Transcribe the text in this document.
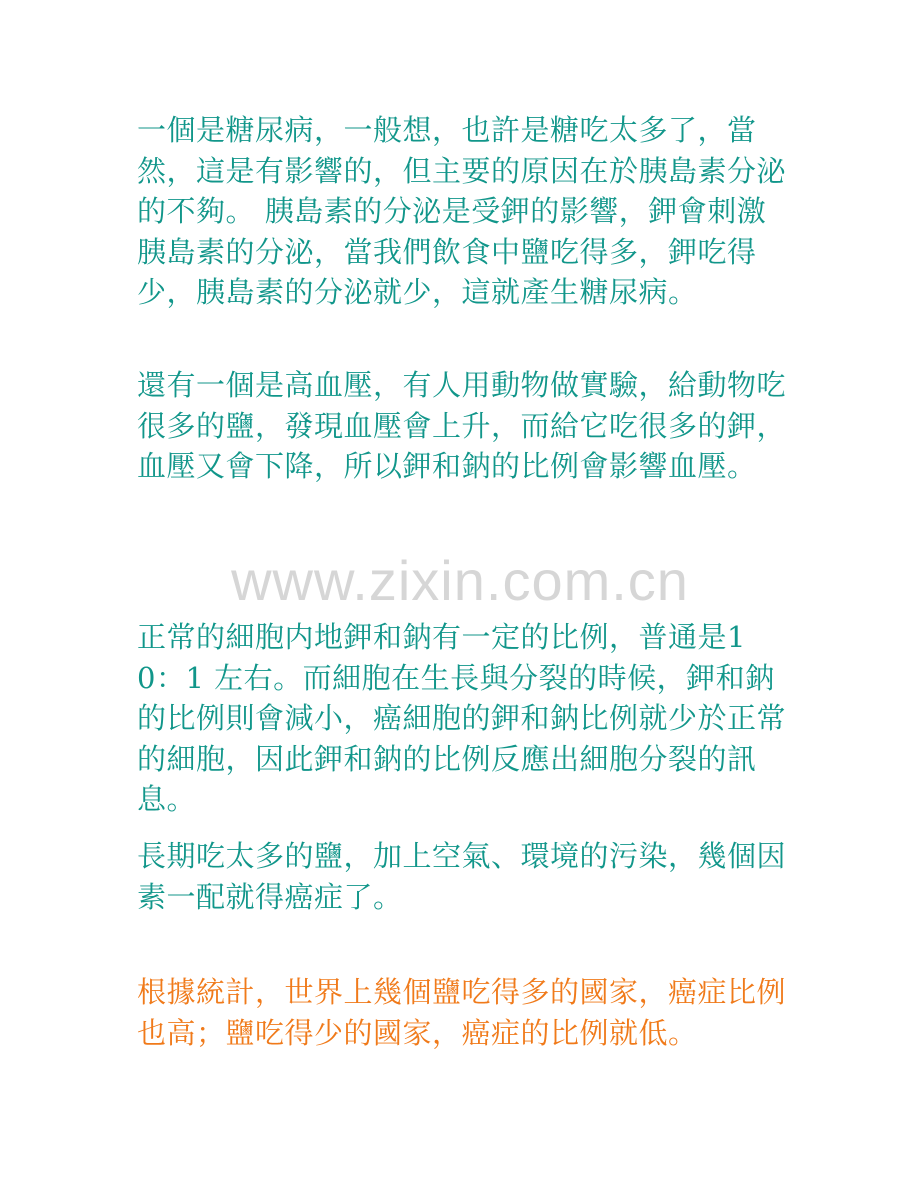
一個是糖尿病，一般想，也許是糖吃太多了，當然，這是有影響的，但主要的原因在於胰島素分泌的不夠。 胰島素的分泌是受鉀的影響，鉀會刺激胰島素的分泌，當我們飲食中鹽吃得多，鉀吃得少，胰島素的分泌就少，這就產生糖尿病。

還有一個是高血壓，有人用動物做實驗，給動物吃很多的鹽，發現血壓會上升，而給它吃很多的鉀，血壓又會下降，所以鉀和鈉的比例會影響血壓。

www.zixin.com.cn

正常的細胞内地鉀和鈉有一定的比例，普通是10：1 左右。而細胞在生長與分裂的時候，鉀和鈉的比例則會減小，癌細胞的鉀和鈉比例就少於正常的細胞，因此鉀和鈉的比例反應出細胞分裂的訊息。

長期吃太多的鹽，加上空氣、環境的污染，幾個因素一配就得癌症了。

根據統計，世界上幾個鹽吃得多的國家，癌症比例也高；鹽吃得少的國家，癌症的比例就低。
